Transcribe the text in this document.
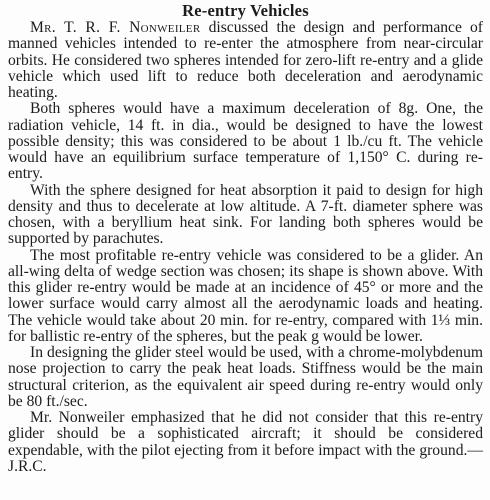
Re-entry Vehicles

Mr. T. R. F. Nonweiler discussed the design and performance of manned vehicles intended to re-enter the atmosphere from near-circular orbits. He considered two spheres intended for zero-lift re-entry and a glide vehicle which used lift to reduce both deceleration and aerodynamic heating.

Both spheres would have a maximum deceleration of 8g. One, the radiation vehicle, 14 ft. in dia., would be designed to have the lowest possible density; this was considered to be about 1 lb./cu ft. The vehicle would have an equilibrium surface temperature of 1,150° C. during re-entry.

With the sphere designed for heat absorption it paid to design for high density and thus to decelerate at low altitude. A 7-ft. diameter sphere was chosen, with a beryllium heat sink. For landing both spheres would be supported by parachutes.

The most profitable re-entry vehicle was considered to be a glider. An all-wing delta of wedge section was chosen; its shape is shown above. With this glider re-entry would be made at an incidence of 45° or more and the lower surface would carry almost all the aerodynamic loads and heating. The vehicle would take about 20 min. for re-entry, compared with 1⅓ min. for ballistic re-entry of the spheres, but the peak g would be lower.

In designing the glider steel would be used, with a chrome-molybdenum nose projection to carry the peak heat loads. Stiffness would be the main structural criterion, as the equivalent air speed during re-entry would only be 80 ft./sec.

Mr. Nonweiler emphasized that he did not consider that this re-entry glider should be a sophisticated aircraft; it should be considered expendable, with the pilot ejecting from it before impact with the ground.—J.R.C.
